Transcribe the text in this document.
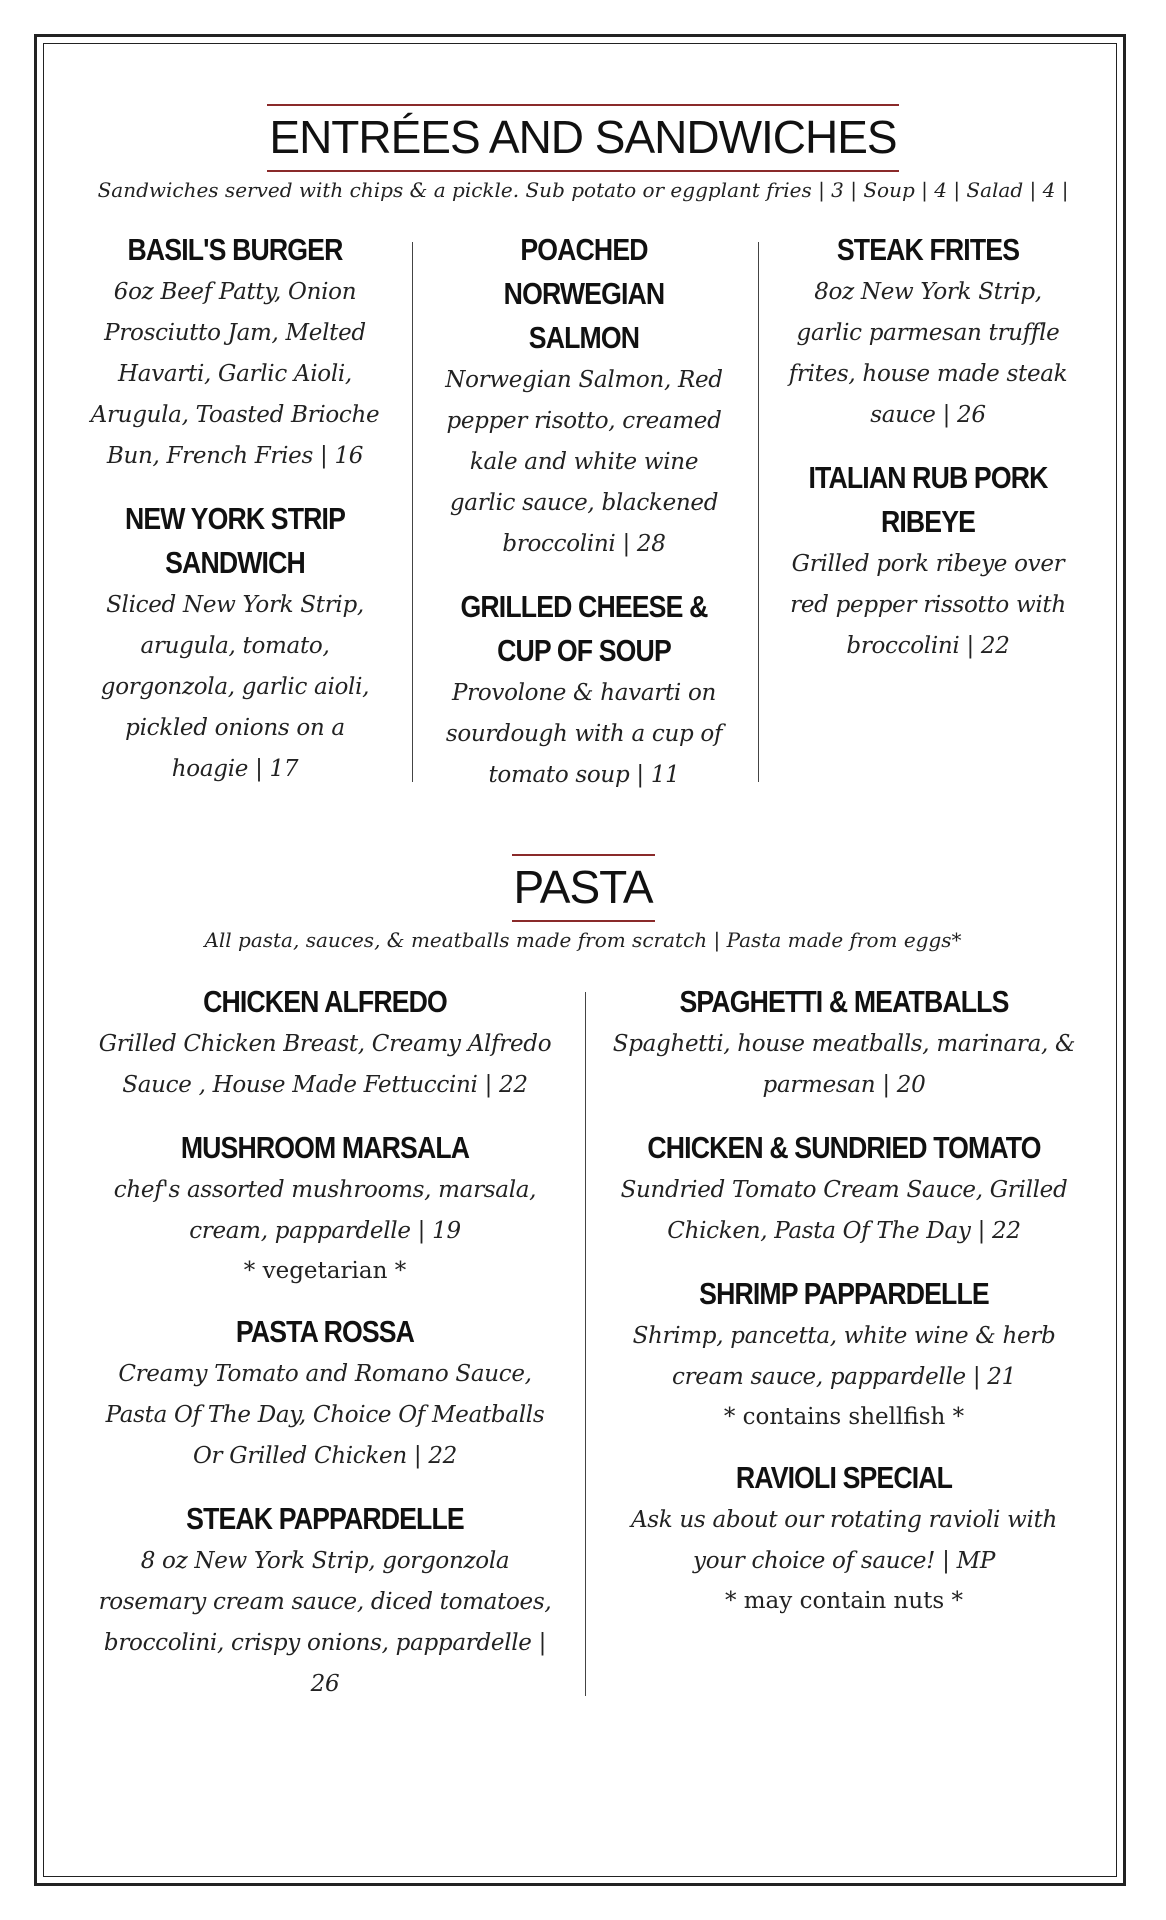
ENTRÉES AND SANDWICHES
Sandwiches served with chips & a pickle. Sub potato or eggplant fries | 3 | Soup | 4 | Salad | 4 |
BASIL'S BURGER
6oz Beef Patty, Onion Prosciutto Jam, Melted Havarti, Garlic Aioli, Arugula, Toasted Brioche Bun, French Fries | 16
NEW YORK STRIP SANDWICH
Sliced New York Strip, arugula, tomato, gorgonzola, garlic aioli, pickled onions on a hoagie | 17
POACHED NORWEGIAN SALMON
Norwegian Salmon, Red pepper risotto, creamed kale and white wine garlic sauce, blackened broccolini | 28
GRILLED CHEESE & CUP OF SOUP
Provolone & havarti on sourdough with a cup of tomato soup | 11
STEAK FRITES
8oz New York Strip, garlic parmesan truffle frites, house made steak sauce | 26
ITALIAN RUB PORK RIBEYE
Grilled pork ribeye over red pepper rissotto with broccolini | 22
PASTA
All pasta, sauces, & meatballs made from scratch | Pasta made from eggs*
CHICKEN ALFREDO
Grilled Chicken Breast, Creamy Alfredo Sauce , House Made Fettuccini | 22
MUSHROOM MARSALA
chef's assorted mushrooms, marsala, cream, pappardelle | 19
* vegetarian *
PASTA ROSSA
Creamy Tomato and Romano Sauce, Pasta Of The Day, Choice Of Meatballs Or Grilled Chicken | 22
STEAK PAPPARDELLE
8 oz New York Strip, gorgonzola rosemary cream sauce, diced tomatoes, broccolini, crispy onions, pappardelle | 26
SPAGHETTI & MEATBALLS
Spaghetti, house meatballs, marinara, & parmesan | 20
CHICKEN & SUNDRIED TOMATO
Sundried Tomato Cream Sauce, Grilled Chicken, Pasta Of The Day | 22
SHRIMP PAPPARDELLE
Shrimp, pancetta, white wine & herb cream sauce, pappardelle | 21
* contains shellfish *
RAVIOLI SPECIAL
Ask us about our rotating ravioli with your choice of sauce! | MP
* may contain nuts *
